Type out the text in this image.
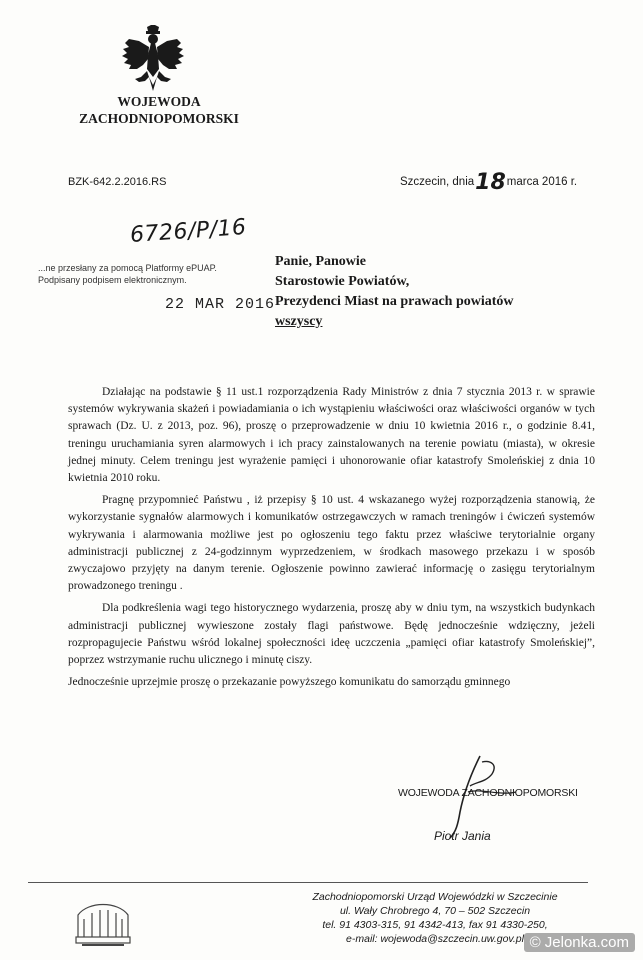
WOJEWODA
ZACHODNIOPOMORSKI
Szczecin, dnia18marca 2016 r.
BZK-642.2.2016.RS
6726/P/16
...ne przesłany za pomocą Platformy ePUAP.
Podpisany podpisem elektronicznym.
22 MAR 2016
Panie, Panowie
Starostowie Powiatów,
Prezydenci Miast na prawach powiatów
wszyscy

Działając na podstawie § 11 ust.1 rozporządzenia Rady Ministrów z dnia 7 stycznia 2013 r. w sprawie systemów wykrywania skażeń i powiadamiania o ich wystąpieniu właściwości oraz właściwości organów w tych sprawach (Dz. U. z 2013, poz. 96), proszę o przeprowadzenie w dniu 10 kwietnia 2016 r., o godzinie 8.41, treningu uruchamiania syren alarmowych i ich pracy zainstalowanych na terenie powiatu (miasta), w okresie jednej minuty. Celem treningu jest wyrażenie pamięci i uhonorowanie ofiar katastrofy Smoleńskiej z dnia 10 kwietnia 2010 roku.

Pragnę przypomnieć Państwu , iż przepisy § 10 ust. 4 wskazanego wyżej rozporządzenia stanowią, że wykorzystanie sygnałów alarmowych i komunikatów ostrzegawczych w ramach treningów i ćwiczeń systemów wykrywania i alarmowania możliwe jest po ogłoszeniu tego faktu przez właściwe terytorialnie organy administracji publicznej z 24-godzinnym wyprzedzeniem, w środkach masowego przekazu i w sposób zwyczajowo przyjęty na danym terenie. Ogłoszenie powinno zawierać informację o zasięgu terytorialnym prowadzonego treningu .

Dla podkreślenia wagi tego historycznego wydarzenia, proszę aby w dniu tym, na wszystkich budynkach administracji publicznej wywieszone zostały flagi państwowe. Będę jednocześnie wdzięczny, jeżeli rozpropagujecie Państwu wśród lokalnej społeczności ideę uczczenia „pamięci ofiar katastrofy Smoleńskiej”, poprzez wstrzymanie ruchu ulicznego i minutę ciszy.

Jednocześnie uprzejmie proszę o przekazanie powyższego komunikatu do samorządu gminnego

WOJEWODA ZACHODNIOPOMORSKI
Piotr Jania
Zachodniopomorski Urząd Wojewódzki w Szczecinie
ul. Wały Chrobrego 4, 70 – 502 Szczecin
tel. 91 4303-315, 91 4342-413, fax 91 4330-250,
e-mail: wojewoda@szczecin.uw.gov.pl © Jelonka.com
